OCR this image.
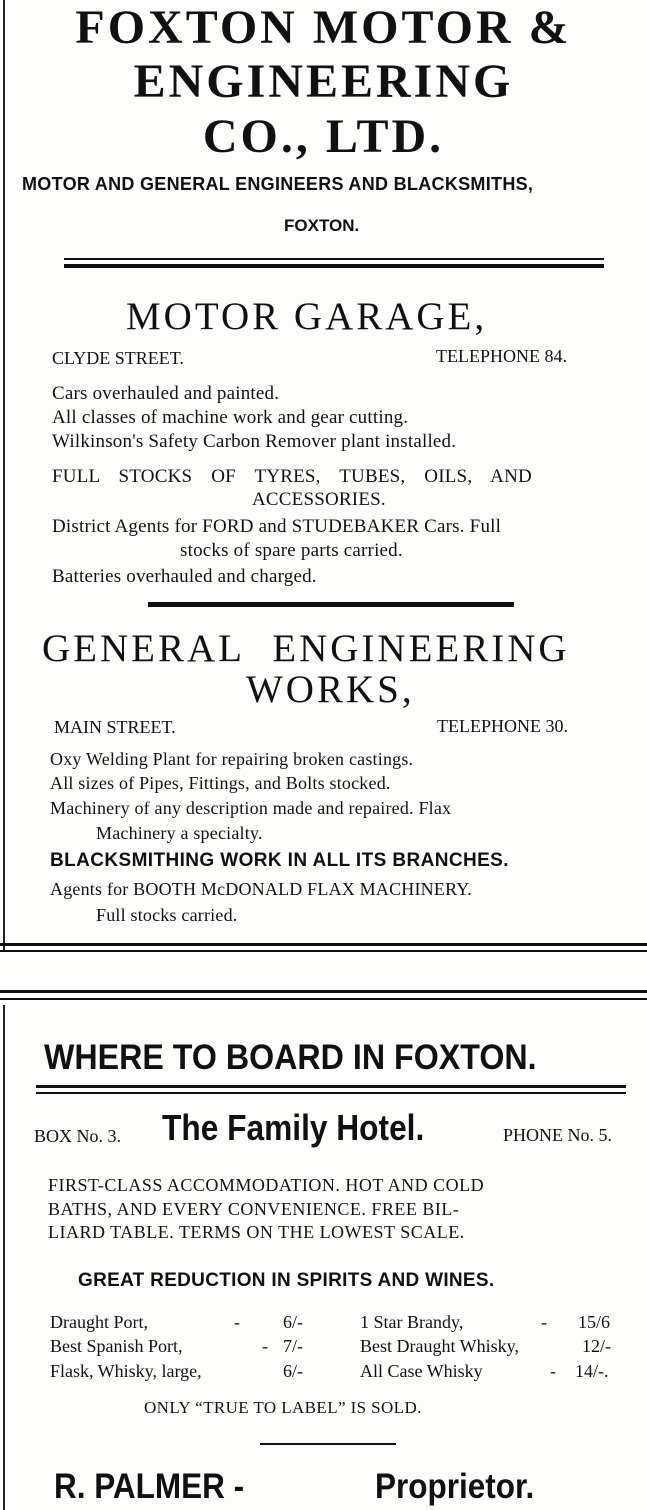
FOXTON MOTOR &
ENGINEERING
CO., LTD.
MOTOR AND GENERAL ENGINEERS AND BLACKSMITHS,
FOXTON.
MOTOR GARAGE,
CLYDE STREET.	TELEPHONE 84.
Cars overhauled and painted.
All classes of machine work and gear cutting.
Wilkinson's Safety Carbon Remover plant installed.
FULL STOCKS OF TYRES, TUBES, OILS, AND
ACCESSORIES.
District Agents for FORD and STUDEBAKER Cars. Full
stocks of spare parts carried.
Batteries overhauled and charged.
GENERAL ENGINEERING
WORKS,
MAIN STREET.	TELEPHONE 30.
Oxy Welding Plant for repairing broken castings.
All sizes of Pipes, Fittings, and Bolts stocked.
Machinery of any description made and repaired. Flax
Machinery a specialty.
BLACKSMITHING WORK IN ALL ITS BRANCHES.
Agents for BOOTH McDONALD FLAX MACHINERY.
Full stocks carried.
WHERE TO BOARD IN FOXTON.
BOX No. 3. The Family Hotel.	PHONE No. 5.
FIRST-CLASS ACCOMMODATION. HOT AND COLD
BATHS, AND EVERY CONVENIENCE. FREE BIL-
LIARD TABLE. TERMS ON THE LOWEST SCALE.
GREAT REDUCTION IN SPIRITS AND WINES.
Draught Port,	- 6/-	1 Star Brandy,	- 15/6
Best Spanish Port,	- 7/-	Best Draught Whisky,	12/-
Flask, Whisky, large,	6/-	All Case Whisky	- 14/-.
ONLY “TRUE TO LABEL” IS SOLD.
R. PALMER -	Proprietor.
